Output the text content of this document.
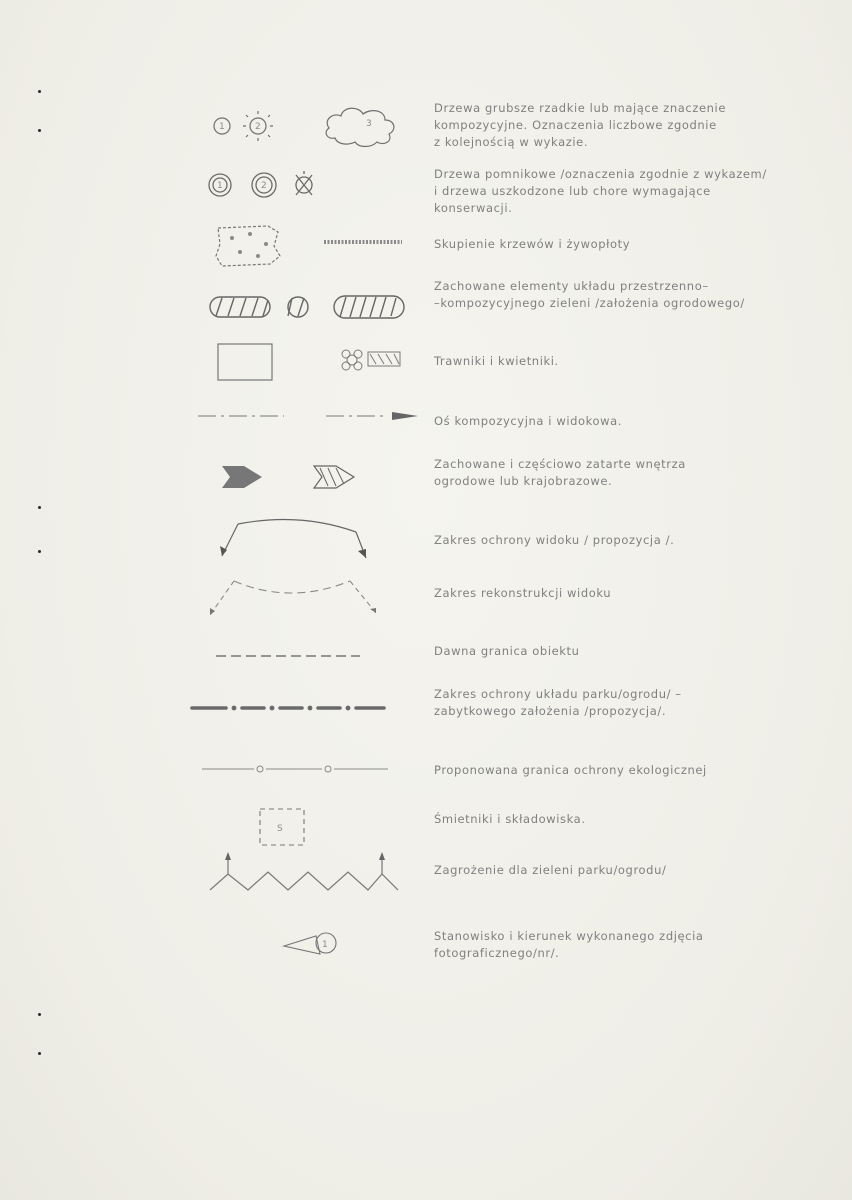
1	2	3
Drzewa grubsze rzadkie lub mające znaczenie
kompozycyjne. Oznaczenia liczbowe zgodnie
z kolejnością w wykazie.
1	2
Drzewa pomnikowe /oznaczenia zgodnie z wykazem/
i drzewa uszkodzone lub chore wymagające
konserwacji.
Skupienie krzewów i żywopłoty
Zachowane elementy układu przestrzenno–
–kompozycyjnego zieleni /założenia ogrodowego/
Trawniki i kwietniki.
Oś kompozycyjna i widokowa.
Zachowane i częściowo zatarte wnętrza
ogrodowe lub krajobrazowe.
Zakres ochrony widoku / propozycja /.
Zakres rekonstrukcji widoku
Dawna granica obiektu
Zakres ochrony układu parku/ogrodu/ –
zabytkowego założenia /propozycja/.
Proponowana granica ochrony ekologicznej
S
Śmietniki i składowiska.
Zagrożenie dla zieleni parku/ogrodu/
1
Stanowisko i kierunek wykonanego zdjęcia
fotograficznego/nr/.
